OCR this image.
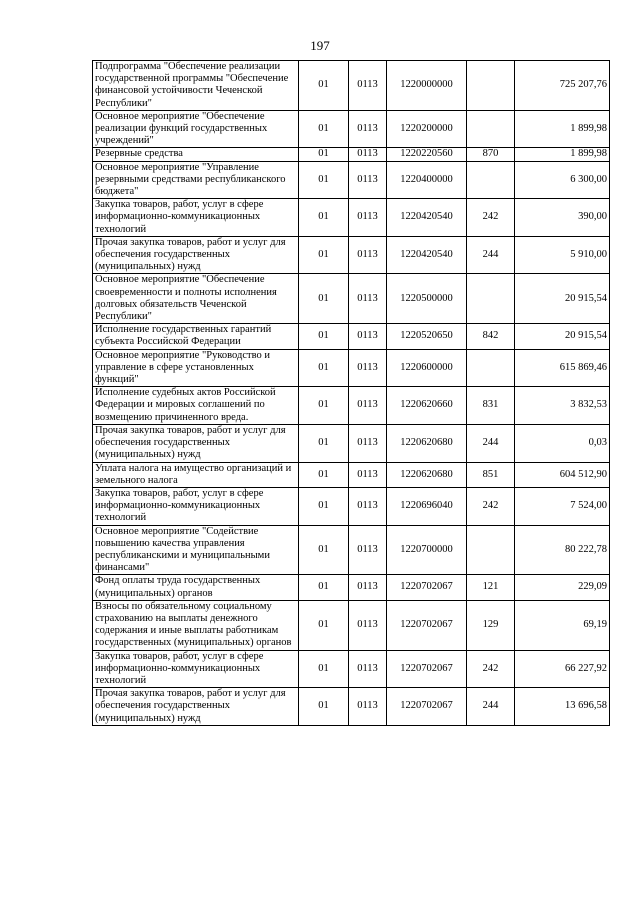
197
Подпрограмма "Обеспечение реализации государственной программы "Обеспечение финансовой устойчивости Чеченской Республики"	01	0113	1220000000		725 207,76
Основное мероприятие "Обеспечение реализации функций государственных учреждений"	01	0113	1220200000		1 899,98
Резервные средства	01	0113	1220220560	870	1 899,98
Основное мероприятие "Управление резервными средствами республиканского бюджета"	01	0113	1220400000		6 300,00
Закупка товаров, работ, услуг в сфере информационно-коммуникационных технологий	01	0113	1220420540	242	390,00
Прочая закупка товаров, работ и услуг для обеспечения государственных (муниципальных) нужд	01	0113	1220420540	244	5 910,00
Основное мероприятие "Обеспечение своевременности и полноты исполнения долговых обязательств Чеченской Республики"	01	0113	1220500000		20 915,54
Исполнение государственных гарантий субъекта Российской Федерации	01	0113	1220520650	842	20 915,54
Основное мероприятие "Руководство и управление в сфере установленных функций"	01	0113	1220600000		615 869,46
Исполнение судебных актов Российской Федерации и мировых соглашений по возмещению причиненного вреда.	01	0113	1220620660	831	3 832,53
Прочая закупка товаров, работ и услуг для обеспечения государственных (муниципальных) нужд	01	0113	1220620680	244	0,03
Уплата налога на имущество организаций и земельного налога	01	0113	1220620680	851	604 512,90
Закупка товаров, работ, услуг в сфере информационно-коммуникационных технологий	01	0113	1220696040	242	7 524,00
Основное мероприятие "Содействие повышению качества управления республиканскими и муниципальными финансами"	01	0113	1220700000		80 222,78
Фонд оплаты труда государственных (муниципальных) органов	01	0113	1220702067	121	229,09
Взносы по обязательному социальному страхованию на выплаты денежного содержания и иные выплаты работникам государственных (муниципальных) органов	01	0113	1220702067	129	69,19
Закупка товаров, работ, услуг в сфере информационно-коммуникационных технологий	01	0113	1220702067	242	66 227,92
Прочая закупка товаров, работ и услуг для обеспечения государственных (муниципальных) нужд	01	0113	1220702067	244	13 696,58
